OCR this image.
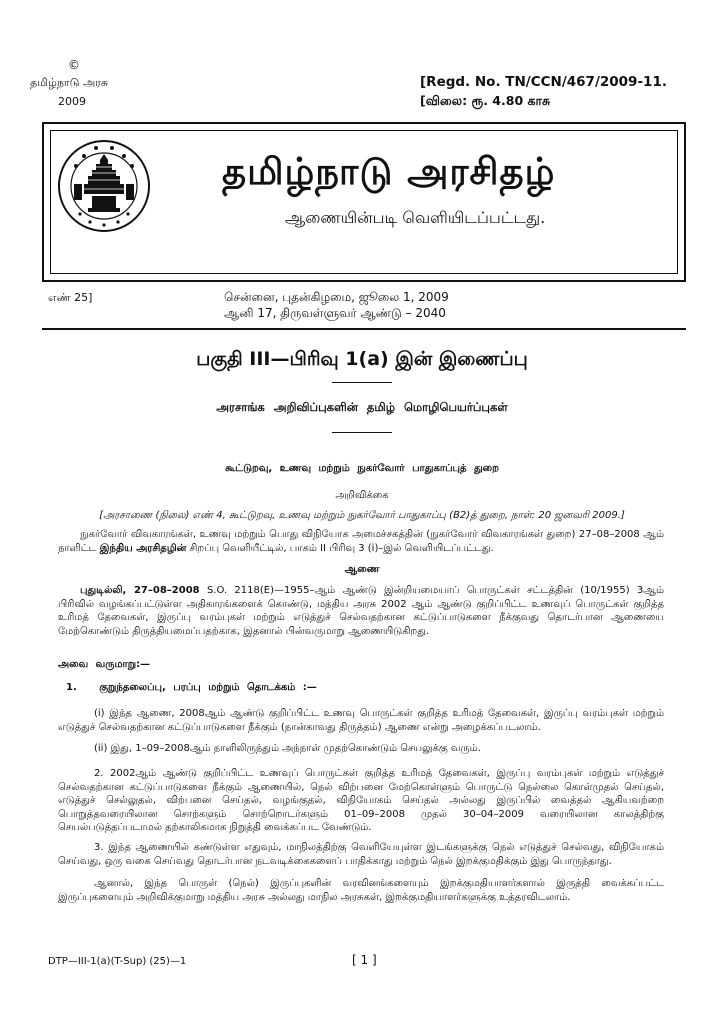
©
தமிழ்நாடு அரசு
2009
[Regd. No. TN/CCN/467/2009-11.
[விலை: ரூ. 4.80 காசு
தமிழ்நாடு அரசிதழ்
ஆணையின்படி வெளியிடப்பட்டது.
எண் 25]	சென்னை, புதன்கிழமை, ஜூலை 1, 2009
ஆனி 17, திருவள்ளுவர் ஆண்டு – 2040
பகுதி III—பிரிவு 1(a) இன் இணைப்பு
அரசாங்க அறிவிப்புகளின் தமிழ் மொழிபெயர்ப்புகள்
கூட்டுறவு, உணவு மற்றும் நுகர்வோர் பாதுகாப்புத் துறை
அறிவிக்கை
[அரசாணை (நிலை) எண் 4, கூட்டுறவு, உணவு மற்றும் நுகர்வோர் பாதுகாப்பு (B2)த் துறை, நாள்: 20 ஜனவரி 2009.]

நுகர்வோர் விவகாரங்கள், உணவு மற்றும் பொது விநியோக அமைச்சகத்தின் (நுகர்வோர் விவகாரங்கள் துறை) 27–08–2008 ஆம் நாளிட்ட இந்திய அரசிதழின் சிறப்பு வெளியீட்டில், பாகம் II பிரிவு 3 (i)–இல் வெளியிடப்பட்டது.

ஆணை

புதுடில்லி, 27–08–2008 S.O. 2118(E)—1955–ஆம் ஆண்டு இன்றியமையாப் பொருட்கள் சட்டத்தின் (10/1955) 3ஆம் பிரிவில் வழங்கப்பட்டுள்ள அதிகாரங்களைக் கொண்டு, மத்திய அரசு 2002 ஆம் ஆண்டு குறிப்பிட்ட உணவுப் பொருட்கள் குறித்த உரிமத் தேவைகள், இருப்பு வரம்புகள் மற்றும் எடுத்துச் செல்வதற்கான கட்டுப்பாடுகளை நீக்குவது தொடர்பான ஆணையை மேற்கொண்டும் திருத்தியமைப்பதற்காக, இதனால் பின்வருமாறு ஆணையிடுகிறது.

அவை வருமாறு:—
1. குறுந்தலைப்பு, பரப்பு மற்றும் தொடக்கம் :—

(i) இந்த ஆணை, 2008ஆம் ஆண்டு குறிப்பிட்ட உணவு பொருட்கள் குறித்த உரிமத் தேவைகள், இருப்பு வரம்புகள் மற்றும் எடுத்துச் செல்வதற்கான கட்டுப்பாடுகளை நீக்கும் (நான்காவது திருத்தம்) ஆணை என்று அழைக்கப்படலாம்.

(ii) இது, 1–09–2008ஆம் நாளிலிருந்தும் அந்நாள் முதற்கொண்டும் செயலுக்கு வரும்.

2. 2002ஆம் ஆண்டு குறிப்பிட்ட உணவுப் பொருட்கள் குறித்த உரிமத் தேவைகள், இருப்பு வரம்புகள் மற்றும் எடுத்துச் செல்வதற்கான கட்டுப்பாடுகளை நீக்கும் ஆணையில், நெல் விற்பனை மேற்கொள்ளும் பொருட்டு நெல்லை கொள்முதல் செய்தல், எடுத்துச் செல்லுதல், விற்பனை செய்தல், வழங்குதல், விநியோகம் செய்தல் அல்லது இருப்பில் வைத்தல் ஆகியவற்றை பொறுத்தவரையிலான சொற்களும் சொற்றொடர்களும் 01–09–2008 முதல் 30–04–2009 வரையிலான காலத்திற்கு செயல்படுத்தப்படாமல் தற்காலிகமாக நிறுத்தி வைக்கப்பட வேண்டும்.

3. இந்த ஆணையில் கண்டுள்ள எதுவும், மாநிலத்திற்கு வெளியேயுள்ள இடங்களுக்கு நெல் எடுத்துச் செல்வது, விநியோகம் செய்வது, ஒரு வகை செய்வது தொடர்பான நடவடிக்கைகளைப் பாதிக்காது மற்றும் நெல் இறக்குமதிக்கும் இது பொருந்தாது.

ஆனால், இந்த பொருள் (நெல்) இருப்புகளின் வரவினங்களையும் இறக்குமதியாளர்களால் இருத்தி வைக்கப்பட்ட இருப்புகளையும் அறிவிக்குமாறு மத்திய அரசு அல்லது மாநில அரசுகள், இறக்குமதியாளர்களுக்கு உத்தரவிடலாம்.

DTP—III-1(a)(T-Sup) (25)—1	[ 1 ]
